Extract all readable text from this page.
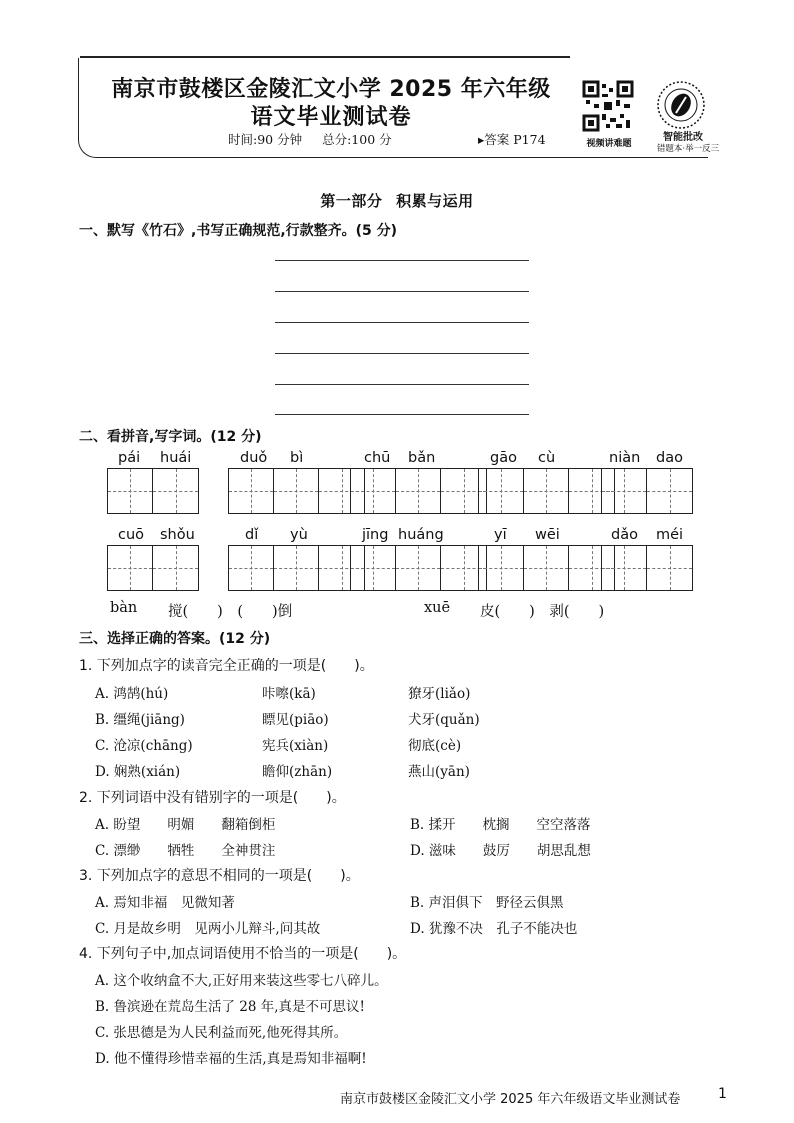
南京市鼓楼区金陵汇文小学 2025 年六年级
语文毕业测试卷
时间:90 分钟 总分:100 分	▸答案 P174	视频讲难题
智能批改
错题本·举一反三
第一部分 积累与运用
一、默写《竹石》,书写正确规范,行款整齐。(5 分)
二、看拼音,写字词。(12 分)
pái huái	duǒ bì	chū bǎn	gāo cù	niàn dao
cuō shǒu	dǐ yù	jīng huáng	yī wēi	dǎo méi
bàn 搅(　　)　(　　)倒	xuē 皮(　　)　剥(　　)
三、选择正确的答案。(12 分)
1. 下列加点字的读音完全正确的一项是(　　)。
A. 鸿鹄(hú)	咔嚓(kā)	獠牙(liǎo)
B. 缰绳(jiāng)	瞟见(piāo)	犬牙(quǎn)
C. 沧凉(chāng)	宪兵(xiàn)	彻底(cè)
D. 娴熟(xián)	瞻仰(zhān)	燕山(yān)
2. 下列词语中没有错别字的一项是(　　)。
A. 盼望　　明媚　　翻箱倒柜	B. 揉开　　枕搁　　空空落落
C. 漂缈　　牺牲　　全神贯注	D. 滋味　　鼓厉　　胡思乱想
3. 下列加点字的意思不相同的一项是(　　)。
A. 焉知非福　见微知著	B. 声泪俱下　野径云俱黑
C. 月是故乡明　见两小儿辩斗,问其故	D. 犹豫不决　孔子不能决也
4. 下列句子中,加点词语使用不恰当的一项是(　　)。
A. 这个收纳盒不大,正好用来装这些零七八碎儿。
B. 鲁滨逊在荒岛生活了 28 年,真是不可思议!
C. 张思德是为人民利益而死,他死得其所。
D. 他不懂得珍惜幸福的生活,真是焉知非福啊!
南京市鼓楼区金陵汇文小学 2025 年六年级语文毕业测试卷	1
